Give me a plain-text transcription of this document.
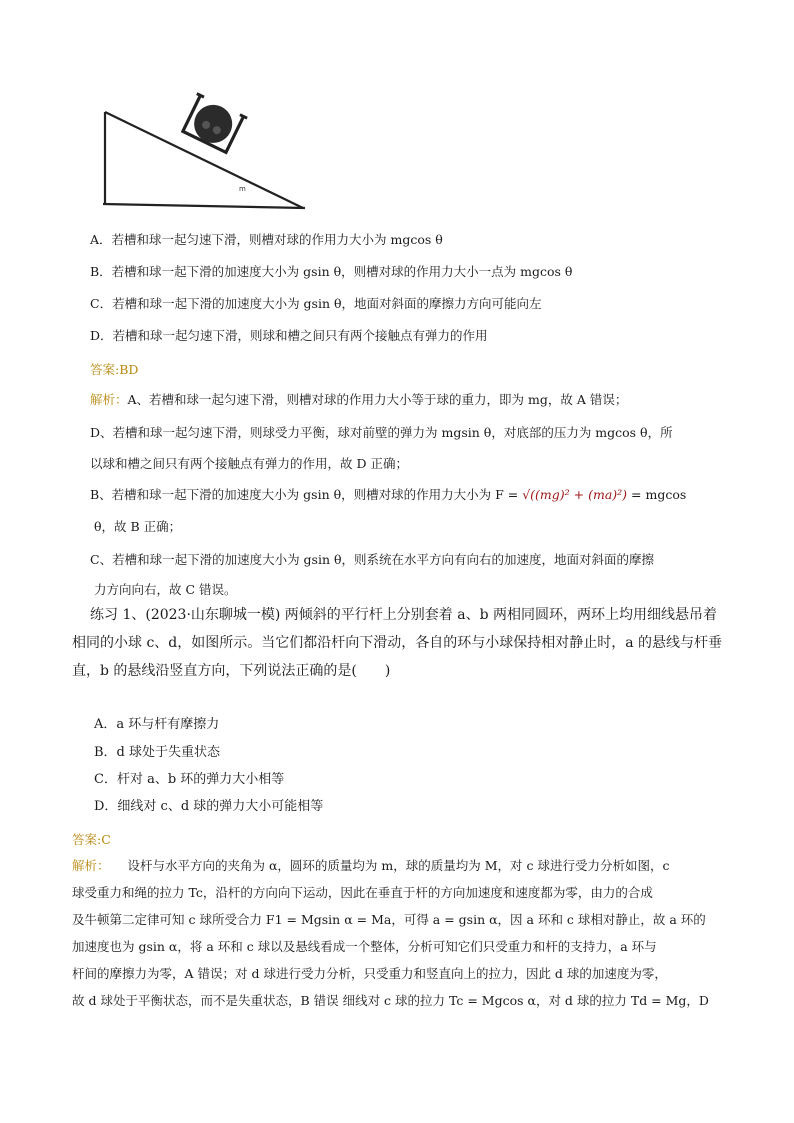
m
A．若槽和球一起匀速下滑，则槽对球的作用力大小为 mgcos θ
B．若槽和球一起下滑的加速度大小为 gsin θ，则槽对球的作用力大小一点为 mgcos θ
C．若槽和球一起下滑的加速度大小为 gsin θ，地面对斜面的摩擦力方向可能向左
D．若槽和球一起匀速下滑，则球和槽之间只有两个接触点有弹力的作用
答案:BD
解析：A、若槽和球一起匀速下滑，则槽对球的作用力大小等于球的重力，即为 mg，故 A 错误；
D、若槽和球一起匀速下滑，则球受力平衡，球对前壁的弹力为 mgsin θ，对底部的压力为 mgcos θ，所
以球和槽之间只有两个接触点有弹力的作用，故 D 正确；
B、若槽和球一起下滑的加速度大小为 gsin θ，则槽对球的作用力大小为 F = √((mg)² + (ma)²) = mgcos
θ，故 B 正确；
C、若槽和球一起下滑的加速度大小为 gsin θ，则系统在水平方向有向右的加速度，地面对斜面的摩擦
力方向向右，故 C 错误。
练习 1、(2023·山东聊城一模) 两倾斜的平行杆上分别套着 a、b 两相同圆环，两环上均用细线悬吊着
相同的小球 c、d，如图所示。当它们都沿杆向下滑动，各自的环与小球保持相对静止时，a 的悬线与杆垂
直，b 的悬线沿竖直方向，下列说法正确的是(　　)
A．a 环与杆有摩擦力
B．d 球处于失重状态
C．杆对 a、b 环的弹力大小相等
D．细线对 c、d 球的弹力大小可能相等
答案:C
解析： 设杆与水平方向的夹角为 α，圆环的质量均为 m，球的质量均为 M，对 c 球进行受力分析如图，c
球受重力和绳的拉力 Tc，沿杆的方向向下运动，因此在垂直于杆的方向加速度和速度都为零，由力的合成
及牛顿第二定律可知 c 球所受合力 F1 = Mgsin α = Ma，可得 a = gsin α，因 a 环和 c 球相对静止，故 a 环的
加速度也为 gsin α，将 a 环和 c 球以及悬线看成一个整体，分析可知它们只受重力和杆的支持力，a 环与
杆间的摩擦力为零，A 错误；对 d 球进行受力分析，只受重力和竖直向上的拉力，因此 d 球的加速度为零，
故 d 球处于平衡状态，而不是失重状态，B 错误 细线对 c 球的拉力 Tc = Mgcos α，对 d 球的拉力 Td = Mg，D
